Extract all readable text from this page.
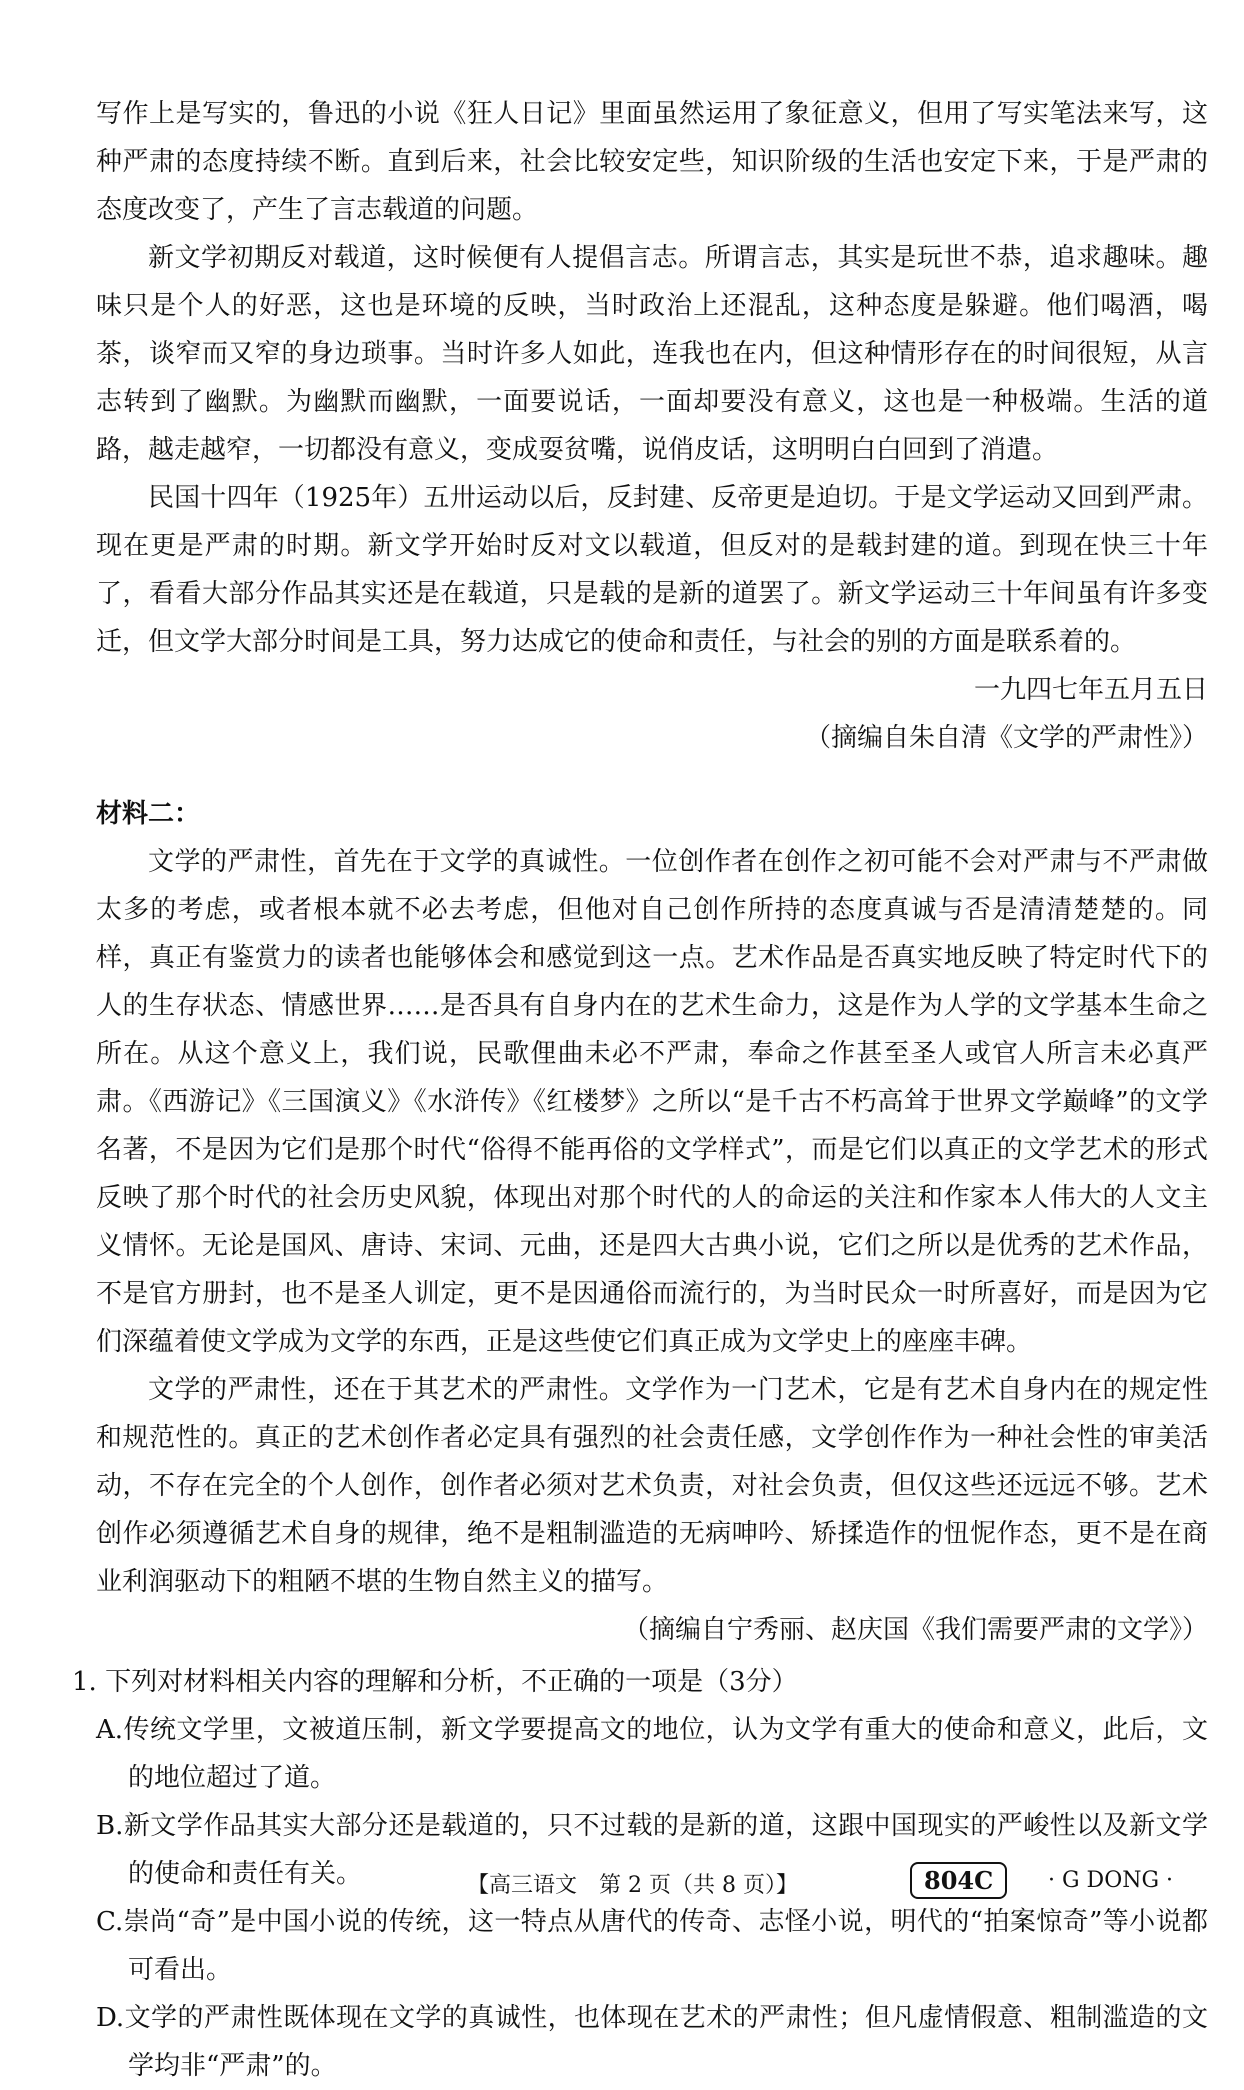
写作上是写实的，鲁迅的小说《狂人日记》里面虽然运用了象征意义，但用了写实笔法来写，这种严肃的态度持续不断。直到后来，社会比较安定些，知识阶级的生活也安定下来，于是严肃的态度改变了，产生了言志载道的问题。

新文学初期反对载道，这时候便有人提倡言志。所谓言志，其实是玩世不恭，追求趣味。趣味只是个人的好恶，这也是环境的反映，当时政治上还混乱，这种态度是躲避。他们喝酒，喝茶，谈窄而又窄的身边琐事。当时许多人如此，连我也在内，但这种情形存在的时间很短，从言志转到了幽默。为幽默而幽默，一面要说话，一面却要没有意义，这也是一种极端。生活的道路，越走越窄，一切都没有意义，变成耍贫嘴，说俏皮话，这明明白白回到了消遣。

民国十四年（1925年）五卅运动以后，反封建、反帝更是迫切。于是文学运动又回到严肃。现在更是严肃的时期。新文学开始时反对文以载道，但反对的是载封建的道。到现在快三十年了，看看大部分作品其实还是在载道，只是载的是新的道罢了。新文学运动三十年间虽有许多变迁，但文学大部分时间是工具，努力达成它的使命和责任，与社会的别的方面是联系着的。

一九四七年五月五日

（摘编自朱自清《文学的严肃性》）

材料二：

文学的严肃性，首先在于文学的真诚性。一位创作者在创作之初可能不会对严肃与不严肃做太多的考虑，或者根本就不必去考虑，但他对自己创作所持的态度真诚与否是清清楚楚的。同样，真正有鉴赏力的读者也能够体会和感觉到这一点。艺术作品是否真实地反映了特定时代下的人的生存状态、情感世界……是否具有自身内在的艺术生命力，这是作为人学的文学基本生命之所在。从这个意义上，我们说，民歌俚曲未必不严肃，奉命之作甚至圣人或官人所言未必真严肃。《西游记》《三国演义》《水浒传》《红楼梦》之所以“是千古不朽高耸于世界文学巅峰”的文学名著，不是因为它们是那个时代“俗得不能再俗的文学样式”，而是它们以真正的文学艺术的形式反映了那个时代的社会历史风貌，体现出对那个时代的人的命运的关注和作家本人伟大的人文主义情怀。无论是国风、唐诗、宋词、元曲，还是四大古典小说，它们之所以是优秀的艺术作品，不是官方册封，也不是圣人训定，更不是因通俗而流行的，为当时民众一时所喜好，而是因为它们深蕴着使文学成为文学的东西，正是这些使它们真正成为文学史上的座座丰碑。

文学的严肃性，还在于其艺术的严肃性。文学作为一门艺术，它是有艺术自身内在的规定性和规范性的。真正的艺术创作者必定具有强烈的社会责任感，文学创作作为一种社会性的审美活动，不存在完全的个人创作，创作者必须对艺术负责，对社会负责，但仅这些还远远不够。艺术创作必须遵循艺术自身的规律，绝不是粗制滥造的无病呻吟、矫揉造作的忸怩作态，更不是在商业利润驱动下的粗陋不堪的生物自然主义的描写。

（摘编自宁秀丽、赵庆国《我们需要严肃的文学》）

1. 下列对材料相关内容的理解和分析，不正确的一项是（3分）

A.传统文学里，文被道压制，新文学要提高文的地位，认为文学有重大的使命和意义，此后，文的地位超过了道。

B.新文学作品其实大部分还是载道的，只不过载的是新的道，这跟中国现实的严峻性以及新文学的使命和责任有关。

C.崇尚“奇”是中国小说的传统，这一特点从唐代的传奇、志怪小说，明代的“拍案惊奇”等小说都可看出。

D.文学的严肃性既体现在文学的真诚性，也体现在艺术的严肃性；但凡虚情假意、粗制滥造的文学均非“严肃”的。

【高三语文　第 2 页（共 8 页）】	804C	· G DONG ·
